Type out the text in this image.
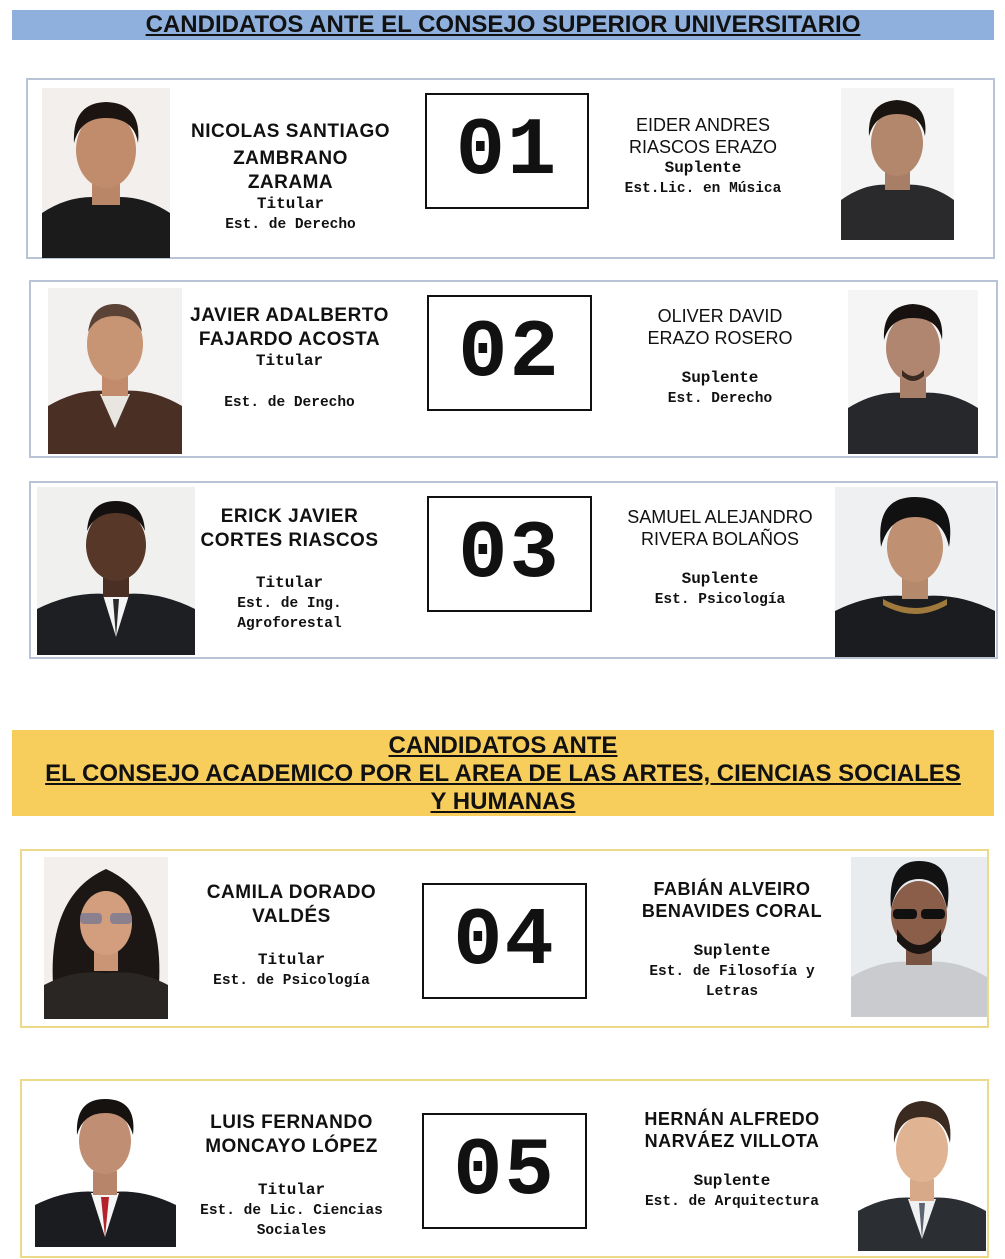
CANDIDATOS ANTE EL CONSEJO SUPERIOR UNIVERSITARIO
NICOLAS SANTIAGO
ZAMBRANO
ZARAMA
Titular
Est. de Derecho
01	EIDER ANDRES
RIASCOS ERAZO
Suplente
Est.Lic. en Música
JAVIER ADALBERTO
FAJARDO ACOSTA
Titular
Est. de Derecho
02	OLIVER DAVID
ERAZO ROSERO
Suplente
Est. Derecho
ERICK JAVIER
CORTES RIASCOS
Titular
Est. de Ing.
Agroforestal
03	SAMUEL ALEJANDRO
RIVERA BOLAÑOS
Suplente
Est. Psicología
CANDIDATOS ANTE
EL CONSEJO ACADEMICO POR EL AREA DE LAS ARTES, CIENCIAS SOCIALES
Y HUMANAS
CAMILA DORADO
VALDÉS
Titular
Est. de Psicología	04
FABIÁN ALVEIRO
BENAVIDES CORAL
Suplente
Est. de Filosofía y
Letras
LUIS FERNANDO
MONCAYO LÓPEZ
Titular
Est. de Lic. Ciencias
Sociales
05
HERNÁN ALFREDO
NARVÁEZ VILLOTA
Suplente
Est. de Arquitectura
